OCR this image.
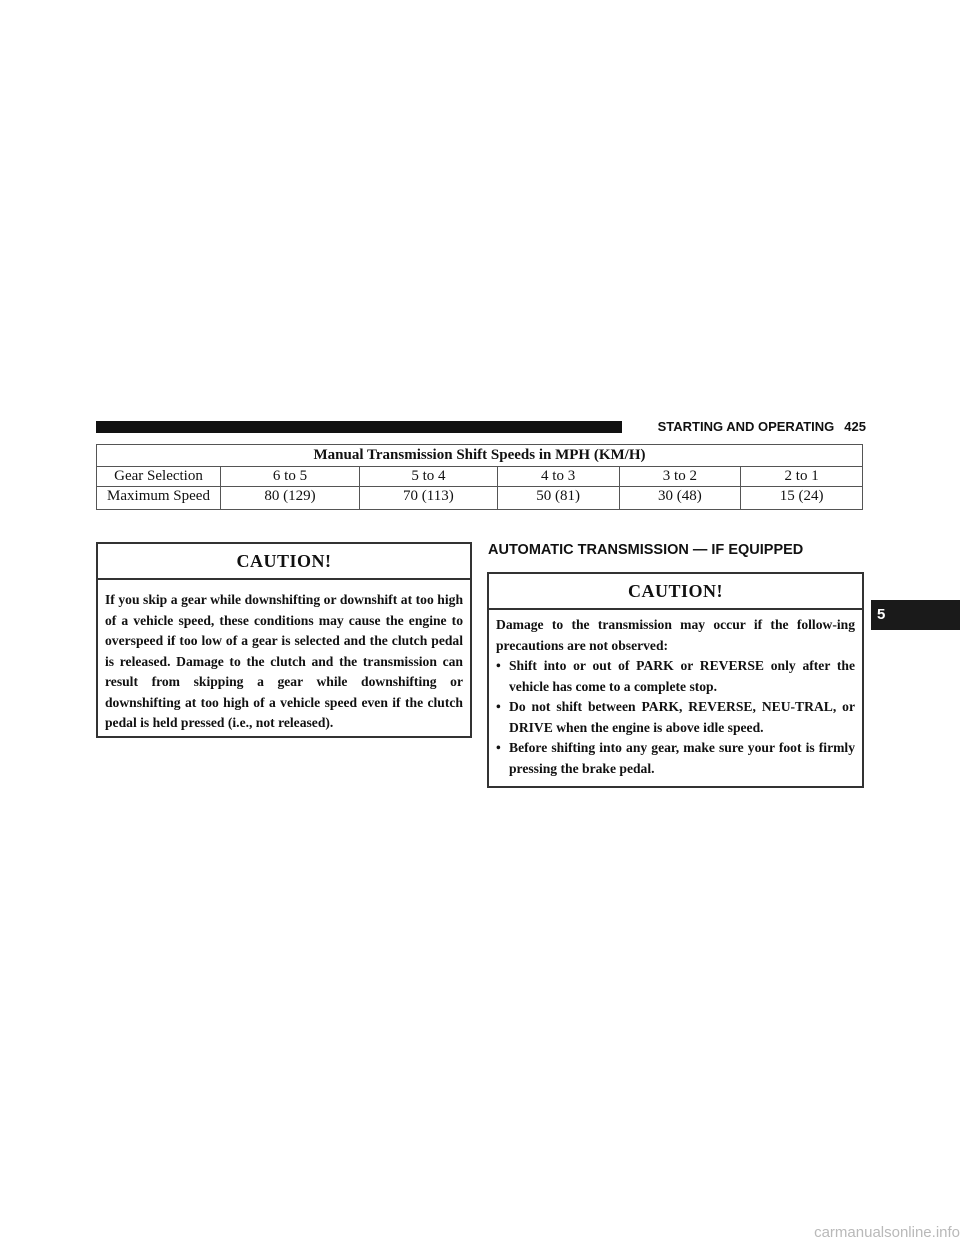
STARTING AND OPERATING 425
Manual Transmission Shift Speeds in MPH (KM/H)					
Gear Selection	6 to 5	5 to 4	4 to 3	3 to 2	2 to 1
Maximum Speed	80 (129)	70 (113)	50 (81)	30 (48)	15 (24)
CAUTION!
If you skip a gear while downshifting or downshift at too high of a vehicle speed, these conditions may cause the engine to overspeed if too low of a gear is selected and the clutch pedal is released. Damage to the clutch and the transmission can result from skipping a gear while downshifting or downshifting at too high of a vehicle speed even if the clutch pedal is held pressed (i.e., not released).
AUTOMATIC TRANSMISSION — IF EQUIPPED
CAUTION!
Damage to the transmission may occur if the follow-ing precautions are not observed:
• Shift into or out of PARK or REVERSE only after the vehicle has come to a complete stop.
• Do not shift between PARK, REVERSE, NEU-TRAL, or DRIVE when the engine is above idle speed.
• Before shifting into any gear, make sure your foot is firmly pressing the brake pedal.
5
carmanualsonline.info
